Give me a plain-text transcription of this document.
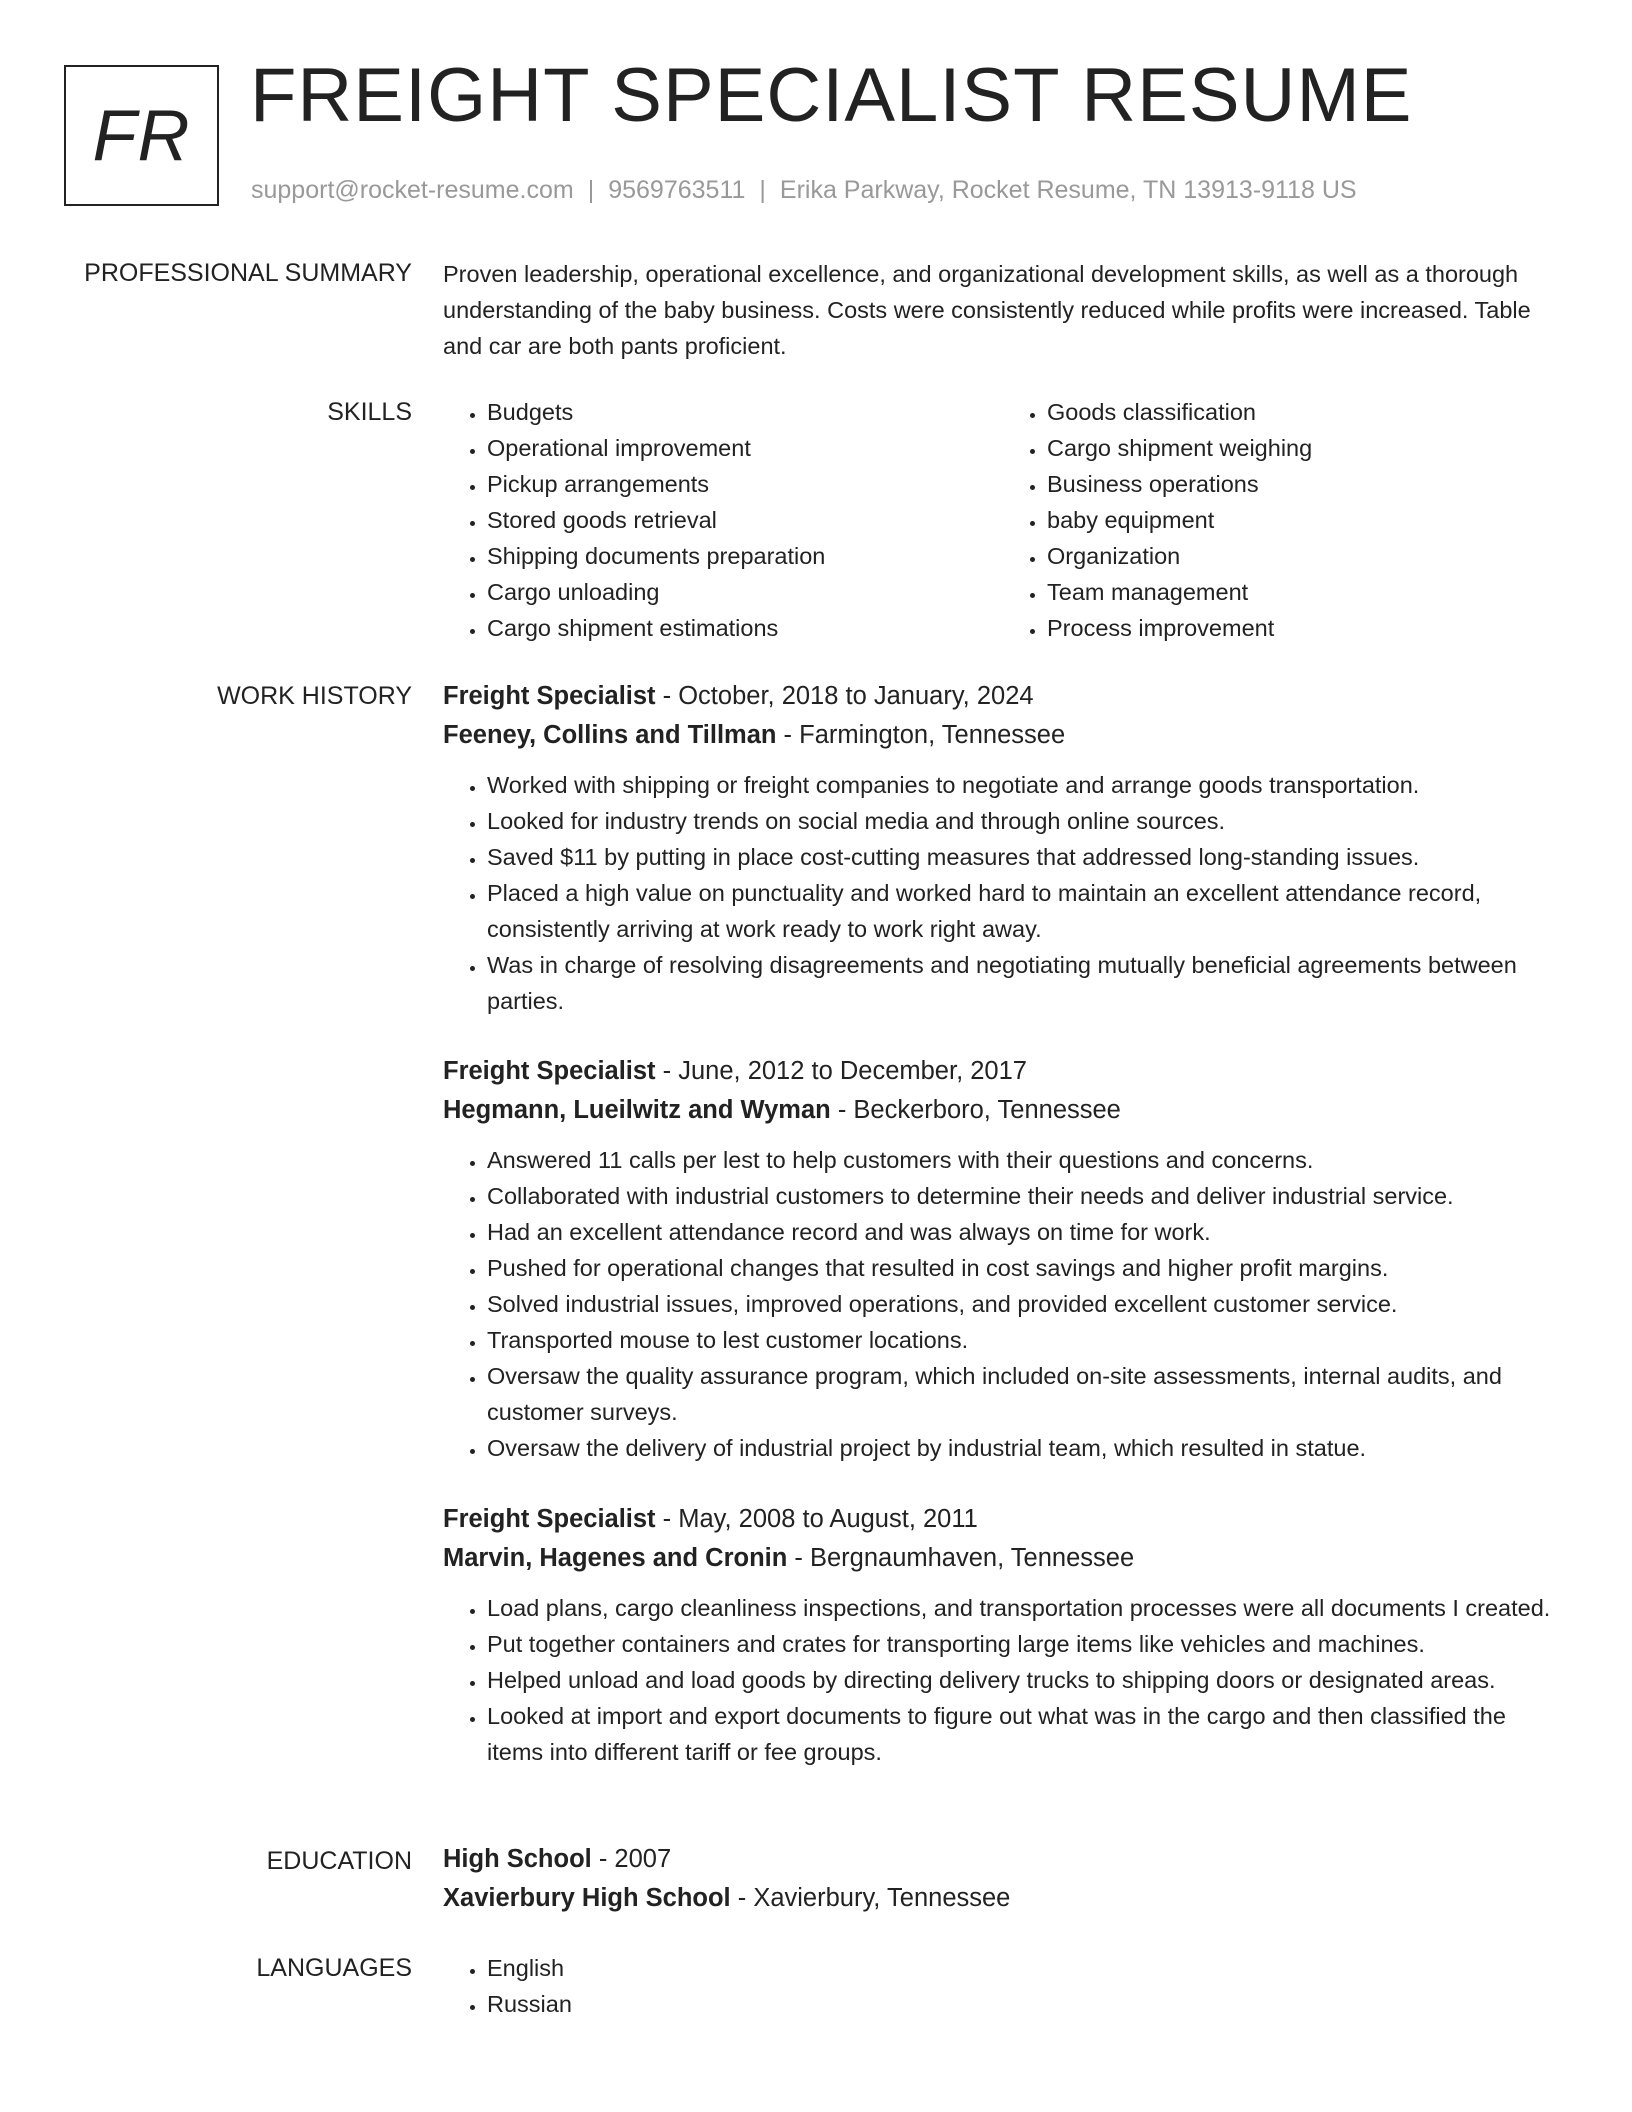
FR FREIGHT SPECIALIST RESUME
support@rocket-resume.com | 9569763511 | Erika Parkway, Rocket Resume, TN 13913-9118 US
PROFESSIONAL SUMMARY Proven leadership, operational excellence, and organizational development skills, as well as a thorough understanding of the baby business. Costs were consistently reduced while profits were increased. Table and car are both pants proficient.
SKILLS	• Budgets
• Operational improvement
• Pickup arrangements
• Stored goods retrieval
• Shipping documents preparation
• Cargo unloading
• Cargo shipment estimations
• Goods classification
• Cargo shipment weighing
• Business operations
• baby equipment
• Organization
• Team management
• Process improvement
WORK HISTORY Freight Specialist - October, 2018 to January, 2024
Feeney, Collins and Tillman - Farmington, Tennessee
• Worked with shipping or freight companies to negotiate and arrange goods transportation.
• Looked for industry trends on social media and through online sources.
• Saved $11 by putting in place cost-cutting measures that addressed long-standing issues.
• Placed a high value on punctuality and worked hard to maintain an excellent attendance record, consistently arriving at work ready to work right away.
• Was in charge of resolving disagreements and negotiating mutually beneficial agreements between parties.
Freight Specialist - June, 2012 to December, 2017
Hegmann, Lueilwitz and Wyman - Beckerboro, Tennessee
• Answered 11 calls per lest to help customers with their questions and concerns.
• Collaborated with industrial customers to determine their needs and deliver industrial service.
• Had an excellent attendance record and was always on time for work.
• Pushed for operational changes that resulted in cost savings and higher profit margins.
• Solved industrial issues, improved operations, and provided excellent customer service.
• Transported mouse to lest customer locations.
• Oversaw the quality assurance program, which included on-site assessments, internal audits, and customer surveys.
• Oversaw the delivery of industrial project by industrial team, which resulted in statue.
Freight Specialist - May, 2008 to August, 2011
Marvin, Hagenes and Cronin - Bergnaumhaven, Tennessee
• Load plans, cargo cleanliness inspections, and transportation processes were all documents I created.
• Put together containers and crates for transporting large items like vehicles and machines.
• Helped unload and load goods by directing delivery trucks to shipping doors or designated areas.
• Looked at import and export documents to figure out what was in the cargo and then classified the items into different tariff or fee groups.
EDUCATION High School - 2007
Xavierbury High School - Xavierbury, Tennessee
LANGUAGES	• English
• Russian
